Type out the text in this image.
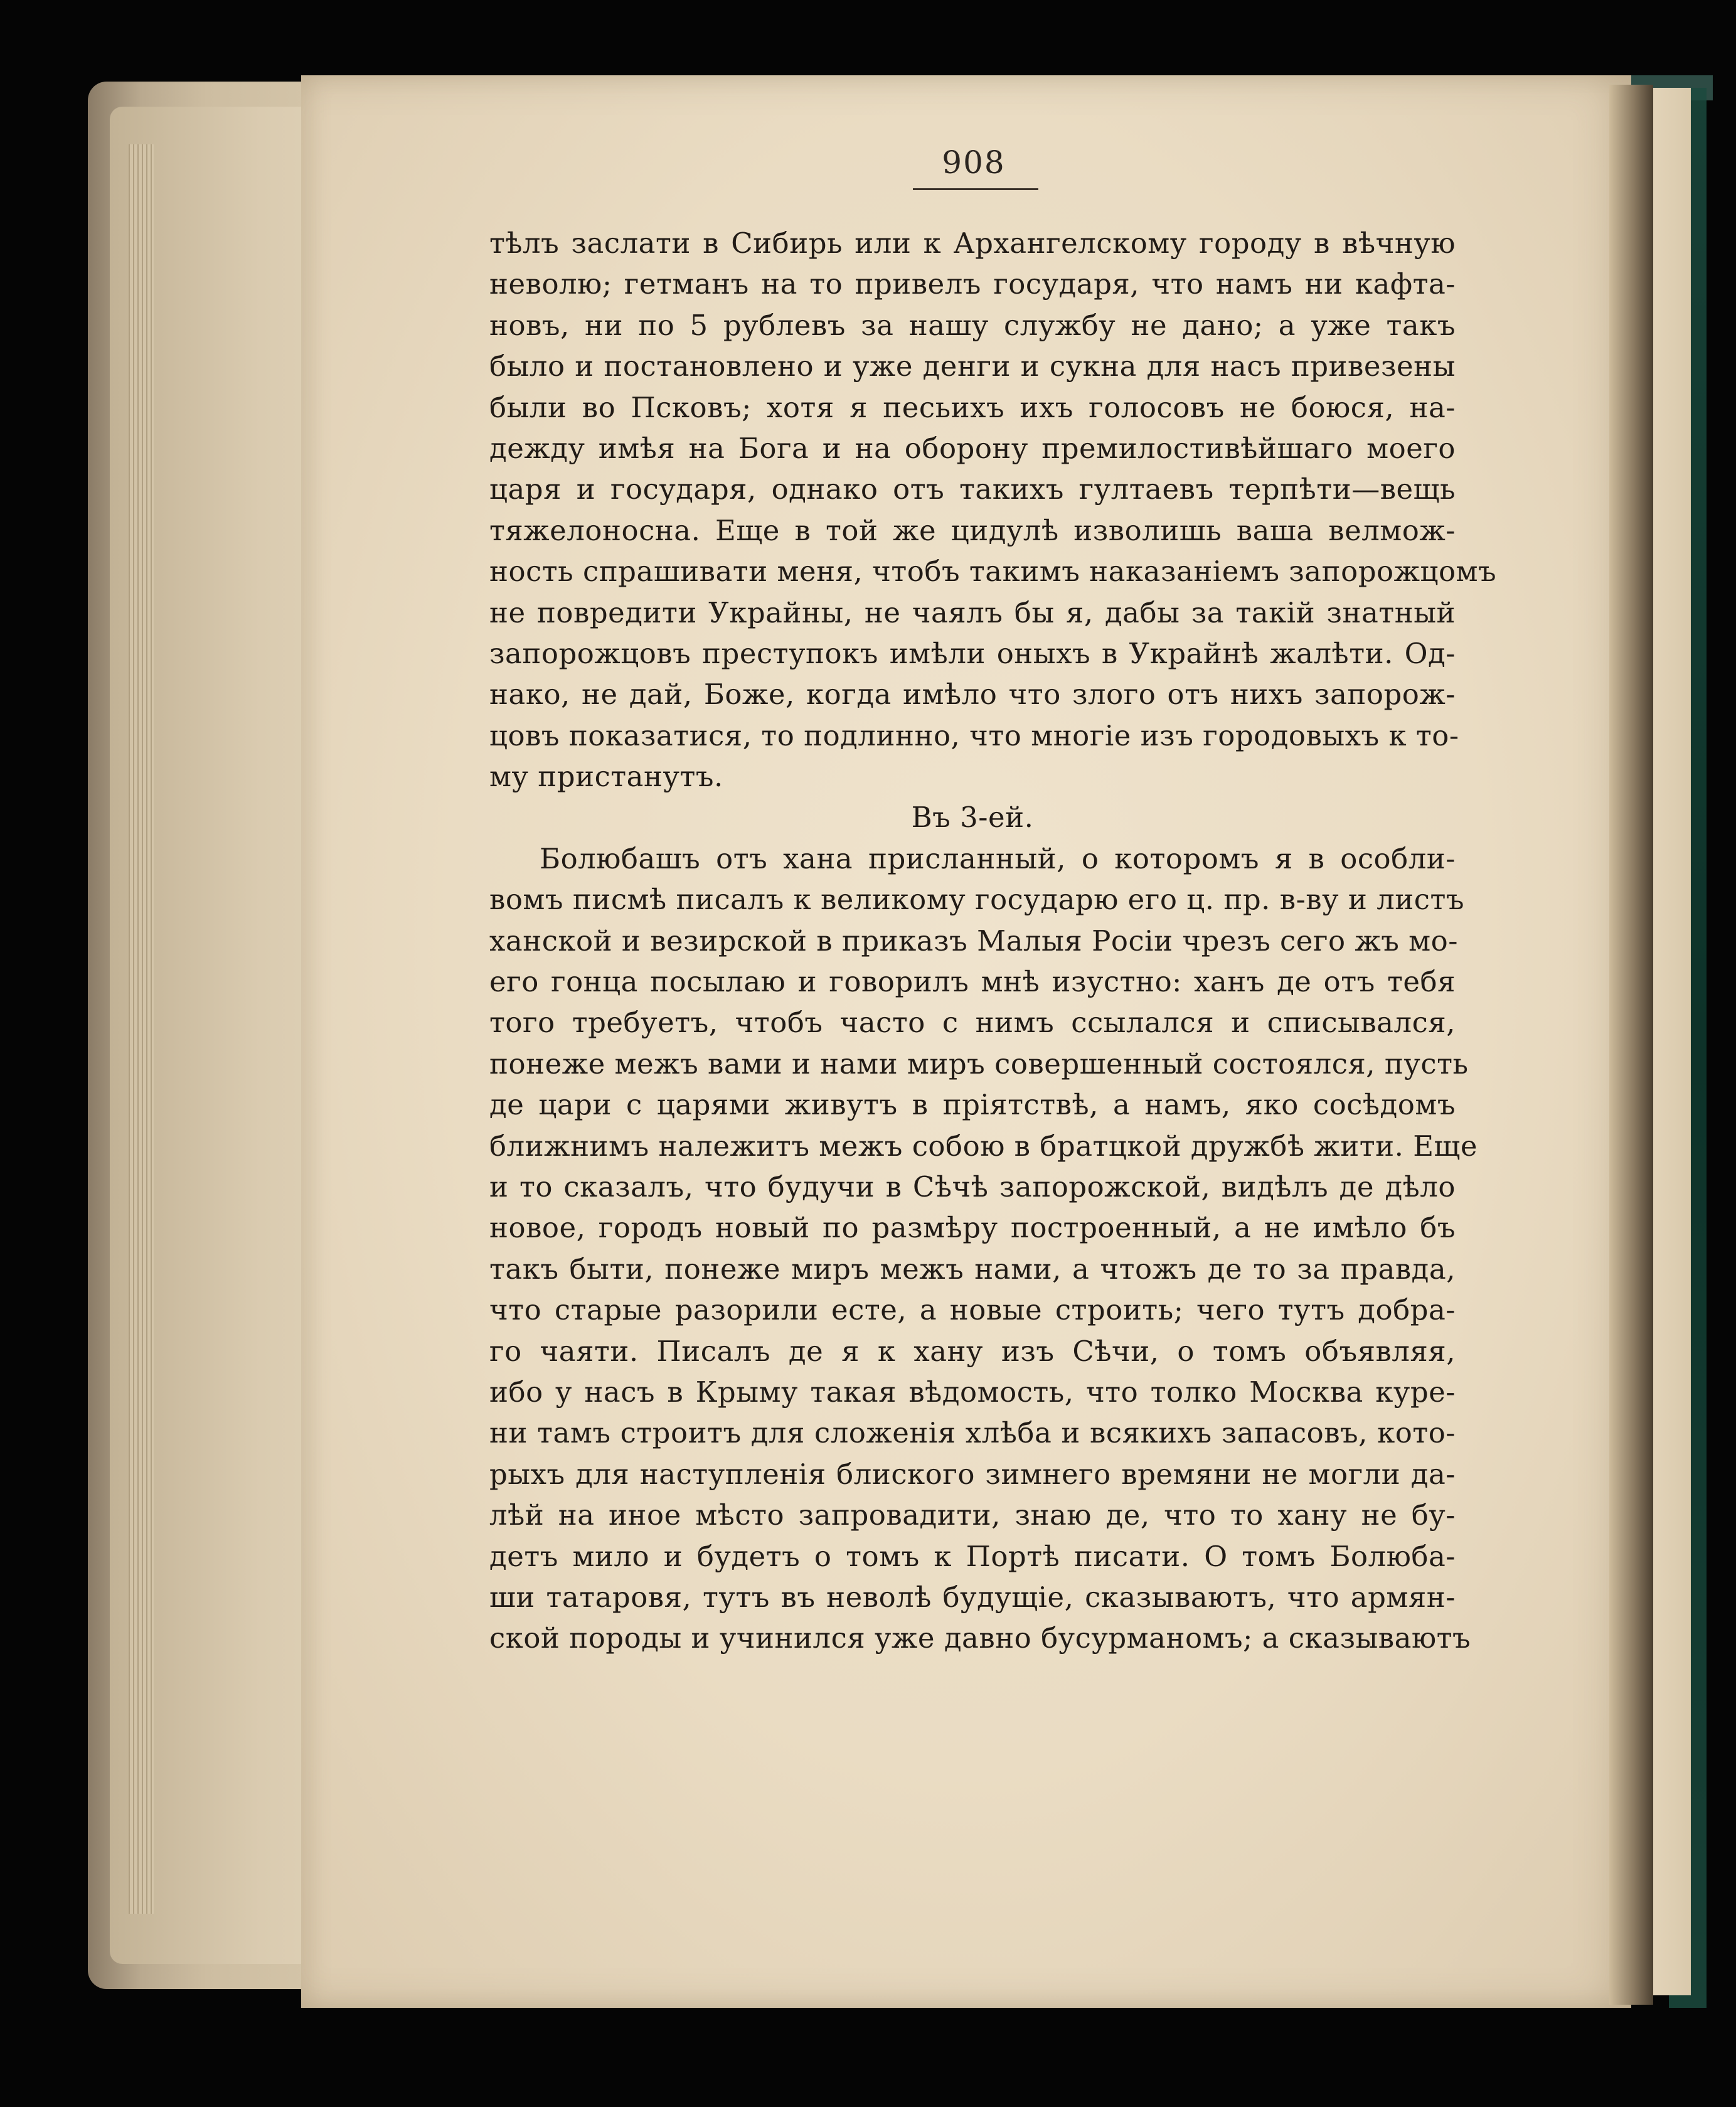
908
тѣлъ заслати в Сибирь или к Архангелскому городу в вѣчную
неволю; гетманъ на то привелъ государя, что намъ ни кафта-
новъ, ни по 5 рублевъ за нашу службу не дано; а уже такъ
было и постановлено и уже денги и сукна для насъ привезены
были во Псковъ; хотя я песьихъ ихъ голосовъ не боюся, на-
дежду имѣя на Бога и на оборону премилостивѣйшаго моего
царя и государя, однако отъ такихъ гултаевъ терпѣти—вещь
тяжелоносна. Еще в той же цидулѣ изволишь ваша велмож-
ность спрашивати меня, чтобъ такимъ наказаніемъ запорожцомъ
не повредити Украйны, не чаялъ бы я, дабы за такій знатный
запорожцовъ преступокъ имѣли оныхъ в Украйнѣ жалѣти. Од-
нако, не дай, Боже, когда имѣло что злого отъ нихъ запорож-
цовъ показатися, то подлинно, что многіе изъ городовыхъ к то-
му пристанутъ.
Въ 3-ей.
Болюбашъ отъ хана присланный, о которомъ я в особли-
вомъ писмѣ писалъ к великому государю его ц. пр. в-ву и листъ
ханской и везирской в приказъ Малыя Росіи чрезъ сего жъ мо-
его гонца посылаю и говорилъ мнѣ изустно: ханъ де отъ тебя
того требуетъ, чтобъ часто с нимъ ссылался и списывался,
понеже межъ вами и нами миръ совершенный состоялся, пусть
де цари с царями живутъ в пріятствѣ, а намъ, яко сосѣдомъ
ближнимъ належитъ межъ собою в братцкой дружбѣ жити. Еще
и то сказалъ, что будучи в Сѣчѣ запорожской, видѣлъ де дѣло
новое, городъ новый по размѣру построенный, а не имѣло бъ
такъ быти, понеже миръ межъ нами, а чтожъ де то за правда,
что старые разорили есте, а новые строить; чего тутъ добра-
го чаяти. Писалъ де я к хану изъ Сѣчи, о томъ объявляя,
ибо у насъ в Крыму такая вѣдомость, что толко Москва куре-
ни тамъ строитъ для сложенія хлѣба и всякихъ запасовъ, кото-
рыхъ для наступленія блиского зимнего времяни не могли да-
лѣй на иное мѣсто запровадити, знаю де, что то хану не бу-
детъ мило и будетъ о томъ к Портѣ писати. О томъ Болюба-
ши татаровя, тутъ въ неволѣ будущіе, сказываютъ, что армян-
ской породы и учинился уже давно бусурманомъ; а сказываютъ
